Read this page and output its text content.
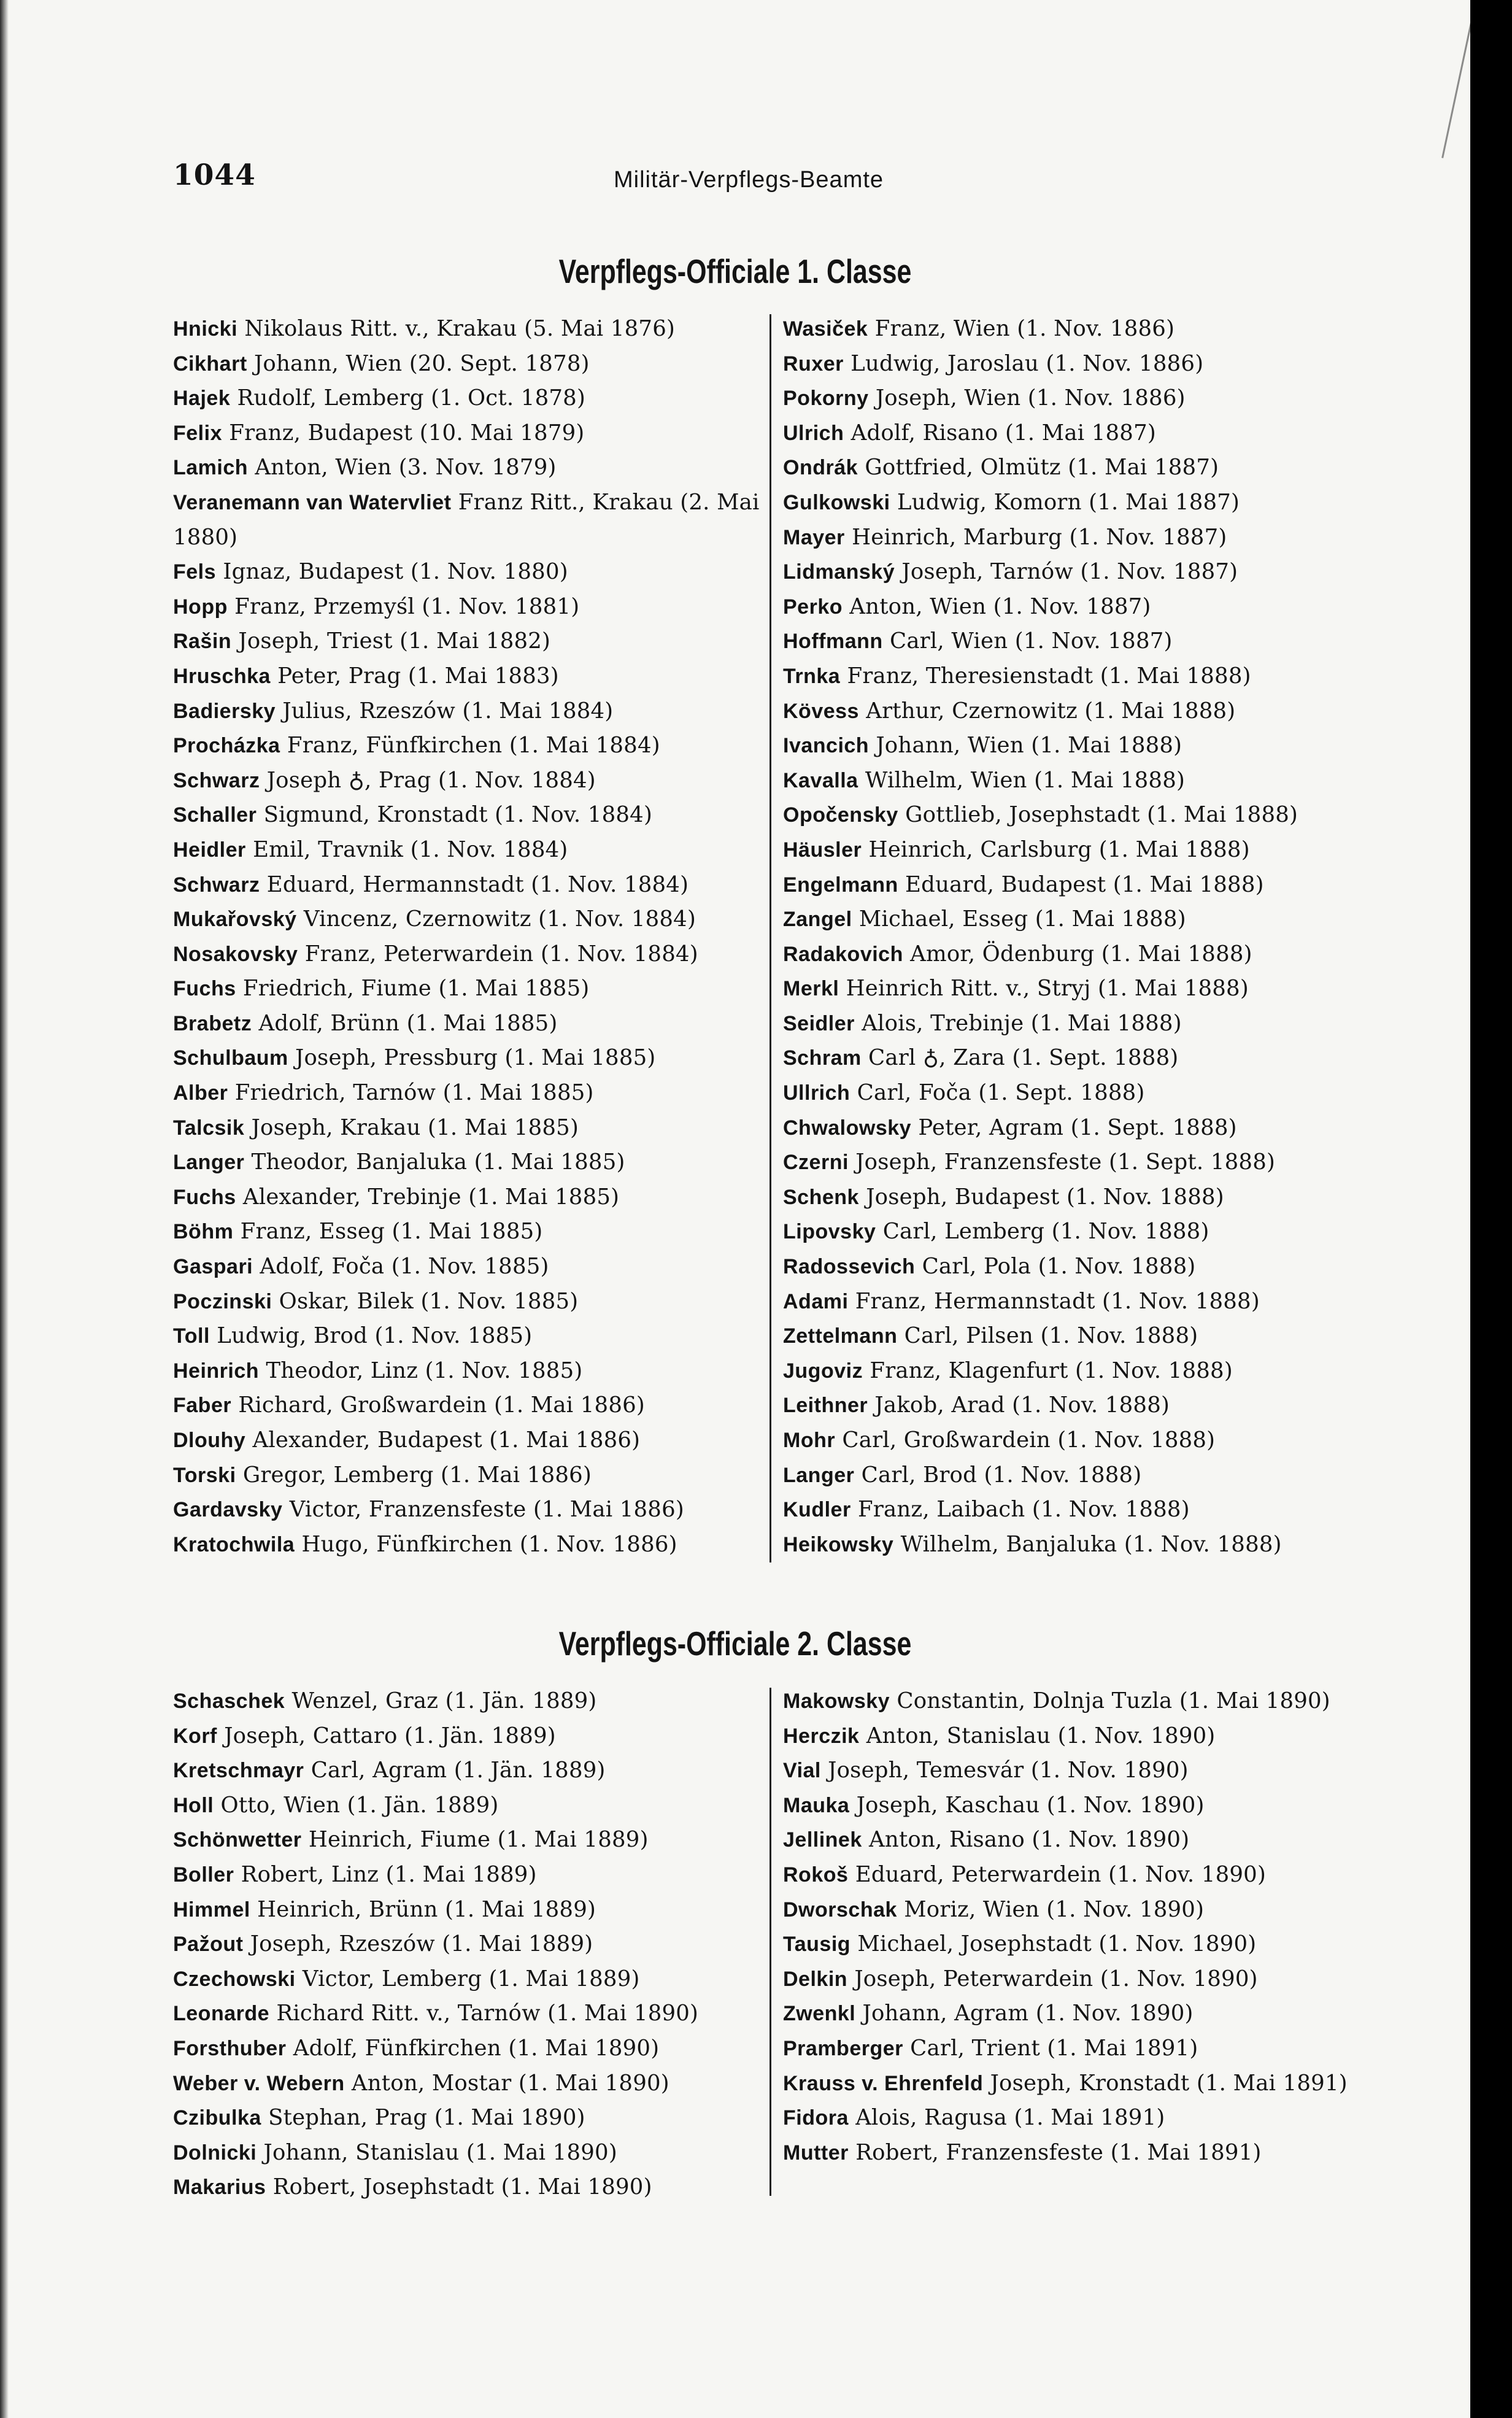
1044	Militär-Verpflegs-Beamte
Verpflegs-Officiale 1. Classe
Hnicki Nikolaus Ritt. v., Krakau (5. Mai 1876)
Cikhart Johann, Wien (20. Sept. 1878)
Hajek Rudolf, Lemberg (1. Oct. 1878)
Felix Franz, Budapest (10. Mai 1879)
Lamich Anton, Wien (3. Nov. 1879)
Veranemann van Watervliet Franz Ritt., Krakau (2. Mai 1880)
Fels Ignaz, Budapest (1. Nov. 1880)
Hopp Franz, Przemyśl (1. Nov. 1881)
Rašin Joseph, Triest (1. Mai 1882)
Hruschka Peter, Prag (1. Mai 1883)
Badiersky Julius, Rzeszów (1. Mai 1884)
Procházka Franz, Fünfkirchen (1. Mai 1884)
Schwarz Joseph ♁, Prag (1. Nov. 1884)
Schaller Sigmund, Kronstadt (1. Nov. 1884)
Heidler Emil, Travnik (1. Nov. 1884)
Schwarz Eduard, Hermannstadt (1. Nov. 1884)
Mukařovský Vincenz, Czernowitz (1. Nov. 1884)
Nosakovsky Franz, Peterwardein (1. Nov. 1884)
Fuchs Friedrich, Fiume (1. Mai 1885)
Brabetz Adolf, Brünn (1. Mai 1885)
Schulbaum Joseph, Pressburg (1. Mai 1885)
Alber Friedrich, Tarnów (1. Mai 1885)
Talcsik Joseph, Krakau (1. Mai 1885)
Langer Theodor, Banjaluka (1. Mai 1885)
Fuchs Alexander, Trebinje (1. Mai 1885)
Böhm Franz, Esseg (1. Mai 1885)
Gaspari Adolf, Foča (1. Nov. 1885)
Poczinski Oskar, Bilek (1. Nov. 1885)
Toll Ludwig, Brod (1. Nov. 1885)
Heinrich Theodor, Linz (1. Nov. 1885)
Faber Richard, Großwardein (1. Mai 1886)
Dlouhy Alexander, Budapest (1. Mai 1886)
Torski Gregor, Lemberg (1. Mai 1886)
Gardavsky Victor, Franzensfeste (1. Mai 1886)
Kratochwila Hugo, Fünfkirchen (1. Nov. 1886)
Wasiček Franz, Wien (1. Nov. 1886)
Ruxer Ludwig, Jaroslau (1. Nov. 1886)
Pokorny Joseph, Wien (1. Nov. 1886)
Ulrich Adolf, Risano (1. Mai 1887)
Ondrák Gottfried, Olmütz (1. Mai 1887)
Gulkowski Ludwig, Komorn (1. Mai 1887)
Mayer Heinrich, Marburg (1. Nov. 1887)
Lidmanský Joseph, Tarnów (1. Nov. 1887)
Perko Anton, Wien (1. Nov. 1887)
Hoffmann Carl, Wien (1. Nov. 1887)
Trnka Franz, Theresienstadt (1. Mai 1888)
Kövess Arthur, Czernowitz (1. Mai 1888)
Ivancich Johann, Wien (1. Mai 1888)
Kavalla Wilhelm, Wien (1. Mai 1888)
Opočensky Gottlieb, Josephstadt (1. Mai 1888)
Häusler Heinrich, Carlsburg (1. Mai 1888)
Engelmann Eduard, Budapest (1. Mai 1888)
Zangel Michael, Esseg (1. Mai 1888)
Radakovich Amor, Ödenburg (1. Mai 1888)
Merkl Heinrich Ritt. v., Stryj (1. Mai 1888)
Seidler Alois, Trebinje (1. Mai 1888)
Schram Carl ♁, Zara (1. Sept. 1888)
Ullrich Carl, Foča (1. Sept. 1888)
Chwalowsky Peter, Agram (1. Sept. 1888)
Czerni Joseph, Franzensfeste (1. Sept. 1888)
Schenk Joseph, Budapest (1. Nov. 1888)
Lipovsky Carl, Lemberg (1. Nov. 1888)
Radossevich Carl, Pola (1. Nov. 1888)
Adami Franz, Hermannstadt (1. Nov. 1888)
Zettelmann Carl, Pilsen (1. Nov. 1888)
Jugoviz Franz, Klagenfurt (1. Nov. 1888)
Leithner Jakob, Arad (1. Nov. 1888)
Mohr Carl, Großwardein (1. Nov. 1888)
Langer Carl, Brod (1. Nov. 1888)
Kudler Franz, Laibach (1. Nov. 1888)
Heikowsky Wilhelm, Banjaluka (1. Nov. 1888)
Verpflegs-Officiale 2. Classe
Schaschek Wenzel, Graz (1. Jän. 1889)
Korf Joseph, Cattaro (1. Jän. 1889)
Kretschmayr Carl, Agram (1. Jän. 1889)
Holl Otto, Wien (1. Jän. 1889)
Schönwetter Heinrich, Fiume (1. Mai 1889)
Boller Robert, Linz (1. Mai 1889)
Himmel Heinrich, Brünn (1. Mai 1889)
Pažout Joseph, Rzeszów (1. Mai 1889)
Czechowski Victor, Lemberg (1. Mai 1889)
Leonarde Richard Ritt. v., Tarnów (1. Mai 1890)
Forsthuber Adolf, Fünfkirchen (1. Mai 1890)
Weber v. Webern Anton, Mostar (1. Mai 1890)
Czibulka Stephan, Prag (1. Mai 1890)
Dolnicki Johann, Stanislau (1. Mai 1890)
Makarius Robert, Josephstadt (1. Mai 1890)
Makowsky Constantin, Dolnja Tuzla (1. Mai 1890)
Herczik Anton, Stanislau (1. Nov. 1890)
Vial Joseph, Temesvár (1. Nov. 1890)
Mauka Joseph, Kaschau (1. Nov. 1890)
Jellinek Anton, Risano (1. Nov. 1890)
Rokoš Eduard, Peterwardein (1. Nov. 1890)
Dworschak Moriz, Wien (1. Nov. 1890)
Tausig Michael, Josephstadt (1. Nov. 1890)
Delkin Joseph, Peterwardein (1. Nov. 1890)
Zwenkl Johann, Agram (1. Nov. 1890)
Pramberger Carl, Trient (1. Mai 1891)
Krauss v. Ehrenfeld Joseph, Kronstadt (1. Mai 1891)
Fidora Alois, Ragusa (1. Mai 1891)
Mutter Robert, Franzensfeste (1. Mai 1891)
